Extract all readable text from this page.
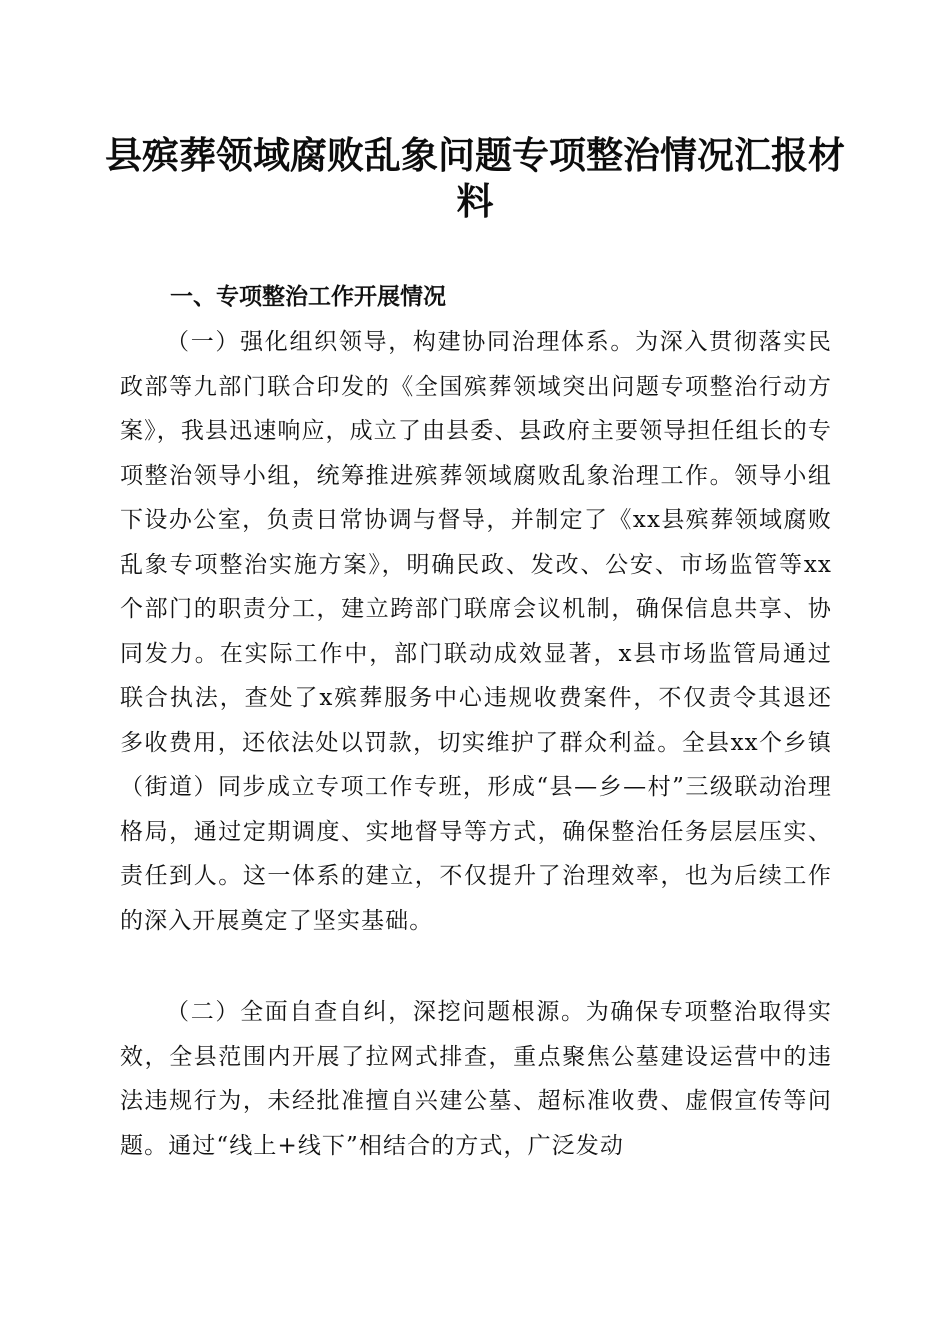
县殡葬领域腐败乱象问题专项整治情况汇报材料
一、专项整治工作开展情况

（一）强化组织领导，构建协同治理体系。为深入贯彻落实民政部等九部门联合印发的《全国殡葬领域突出问题专项整治行动方案》，我县迅速响应，成立了由县委、县政府主要领导担任组长的专项整治领导小组，统筹推进殡葬领域腐败乱象治理工作。领导小组下设办公室，负责日常协调与督导，并制定了《xx县殡葬领域腐败乱象专项整治实施方案》，明确民政、发改、公安、市场监管等xx个部门的职责分工，建立跨部门联席会议机制，确保信息共享、协同发力。在实际工作中，部门联动成效显著，x县市场监管局通过联合执法，查处了x殡葬服务中心违规收费案件，不仅责令其退还多收费用，还依法处以罚款，切实维护了群众利益。全县xx个乡镇（街道）同步成立专项工作专班，形成“县—乡—村”三级联动治理格局，通过定期调度、实地督导等方式，确保整治任务层层压实、责任到人。这一体系的建立，不仅提升了治理效率，也为后续工作的深入开展奠定了坚实基础。

（二）全面自查自纠，深挖问题根源。为确保专项整治取得实效，全县范围内开展了拉网式排查，重点聚焦公墓建设运营中的违法违规行为，未经批准擅自兴建公墓、超标准收费、虚假宣传等问题。通过“线上+线下”相结合的方式，广泛发动
